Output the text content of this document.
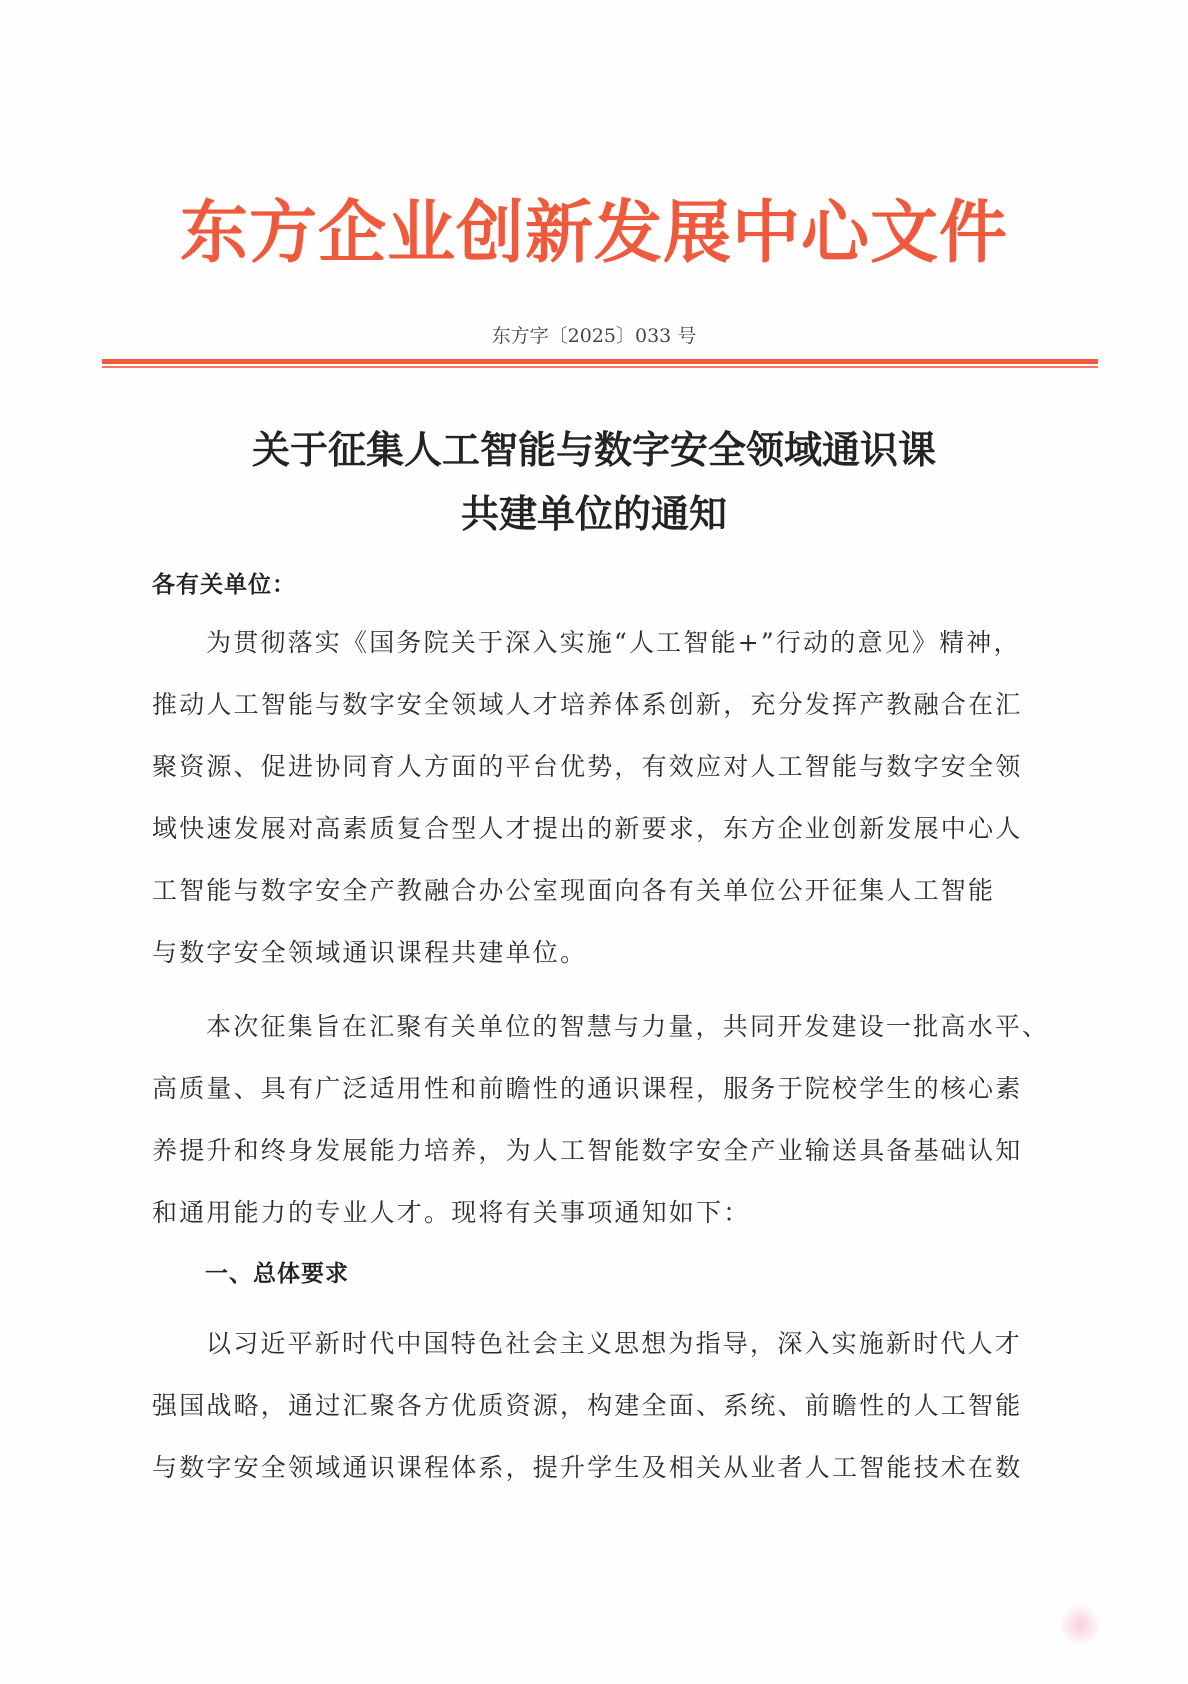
东方企业创新发展中心文件
东方字〔2025〕033 号
关于征集人工智能与数字安全领域通识课
共建单位的通知
各有关单位：
为贯彻落实《国务院关于深入实施“人工智能+”行动的意见》精神，
推动人工智能与数字安全领域人才培养体系创新，充分发挥产教融合在汇
聚资源、促进协同育人方面的平台优势，有效应对人工智能与数字安全领
域快速发展对高素质复合型人才提出的新要求，东方企业创新发展中心人
工智能与数字安全产教融合办公室现面向各有关单位公开征集人工智能
与数字安全领域通识课程共建单位。
本次征集旨在汇聚有关单位的智慧与力量，共同开发建设一批高水平、
高质量、具有广泛适用性和前瞻性的通识课程，服务于院校学生的核心素
养提升和终身发展能力培养，为人工智能数字安全产业输送具备基础认知
和通用能力的专业人才。现将有关事项通知如下：
一、总体要求
以习近平新时代中国特色社会主义思想为指导，深入实施新时代人才
强国战略，通过汇聚各方优质资源，构建全面、系统、前瞻性的人工智能
与数字安全领域通识课程体系，提升学生及相关从业者人工智能技术在数
